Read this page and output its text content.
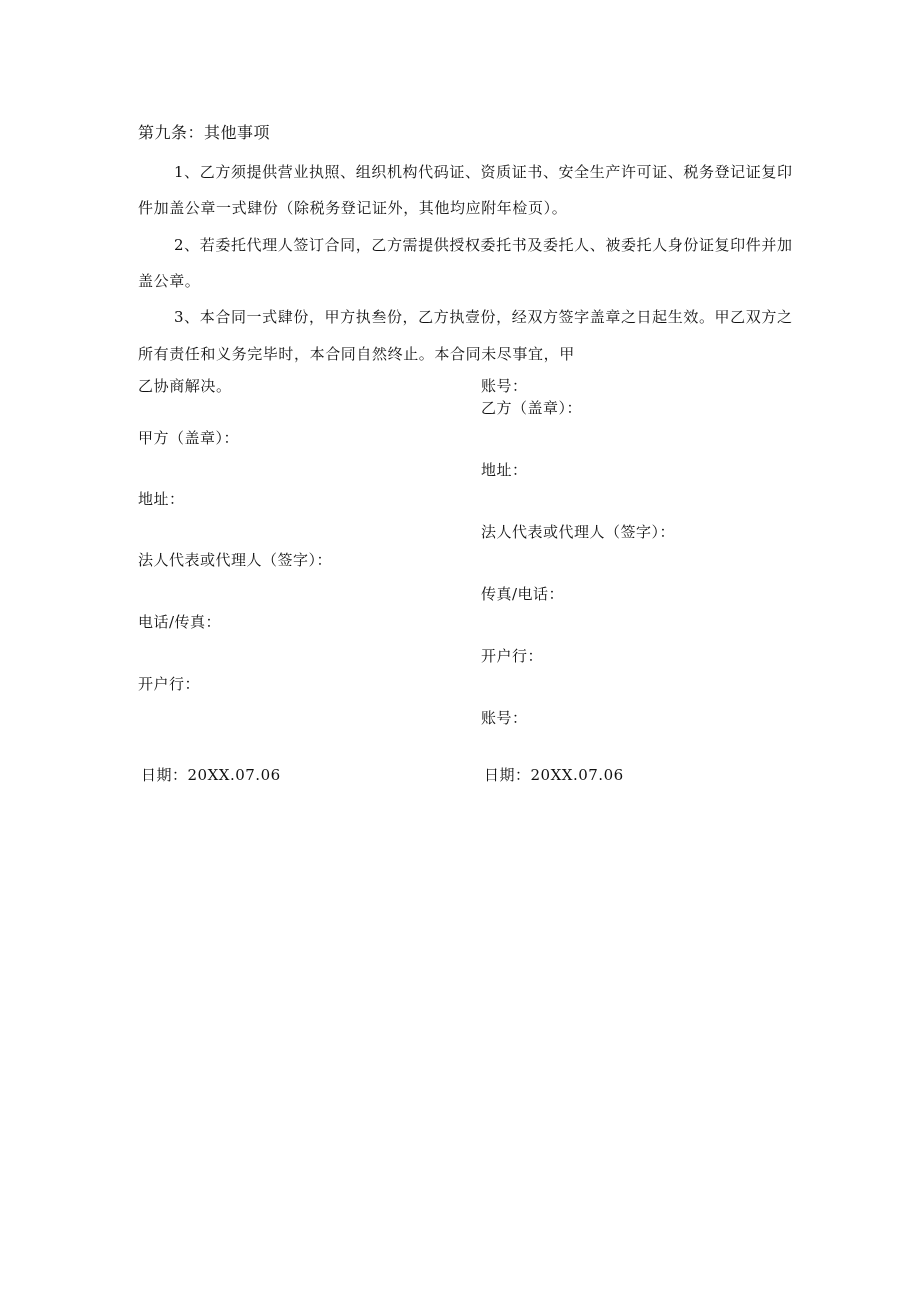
第九条：其他事项
1、乙方须提供营业执照、组织机构代码证、资质证书、安全生产许可证、税务登记证复印
件加盖公章一式肆份（除税务登记证外，其他均应附年检页）。
2、若委托代理人签订合同，乙方需提供授权委托书及委托人、被委托人身份证复印件并加
盖公章。
3、本合同一式肆份，甲方执叁份，乙方执壹份，经双方签字盖章之日起生效。甲乙双方之
所有责任和义务完毕时，本合同自然终止。本合同未尽事宜，甲
乙协商解决。	账号：
乙方（盖章）：
地址：
法人代表或代理人（签字）：
传真/电话：
开户行：
账号：
日期：20XX.07.06
甲方（盖章）：
地址：
法人代表或代理人（签字）：
电话/传真：
开户行：
日期：20XX.07.06
